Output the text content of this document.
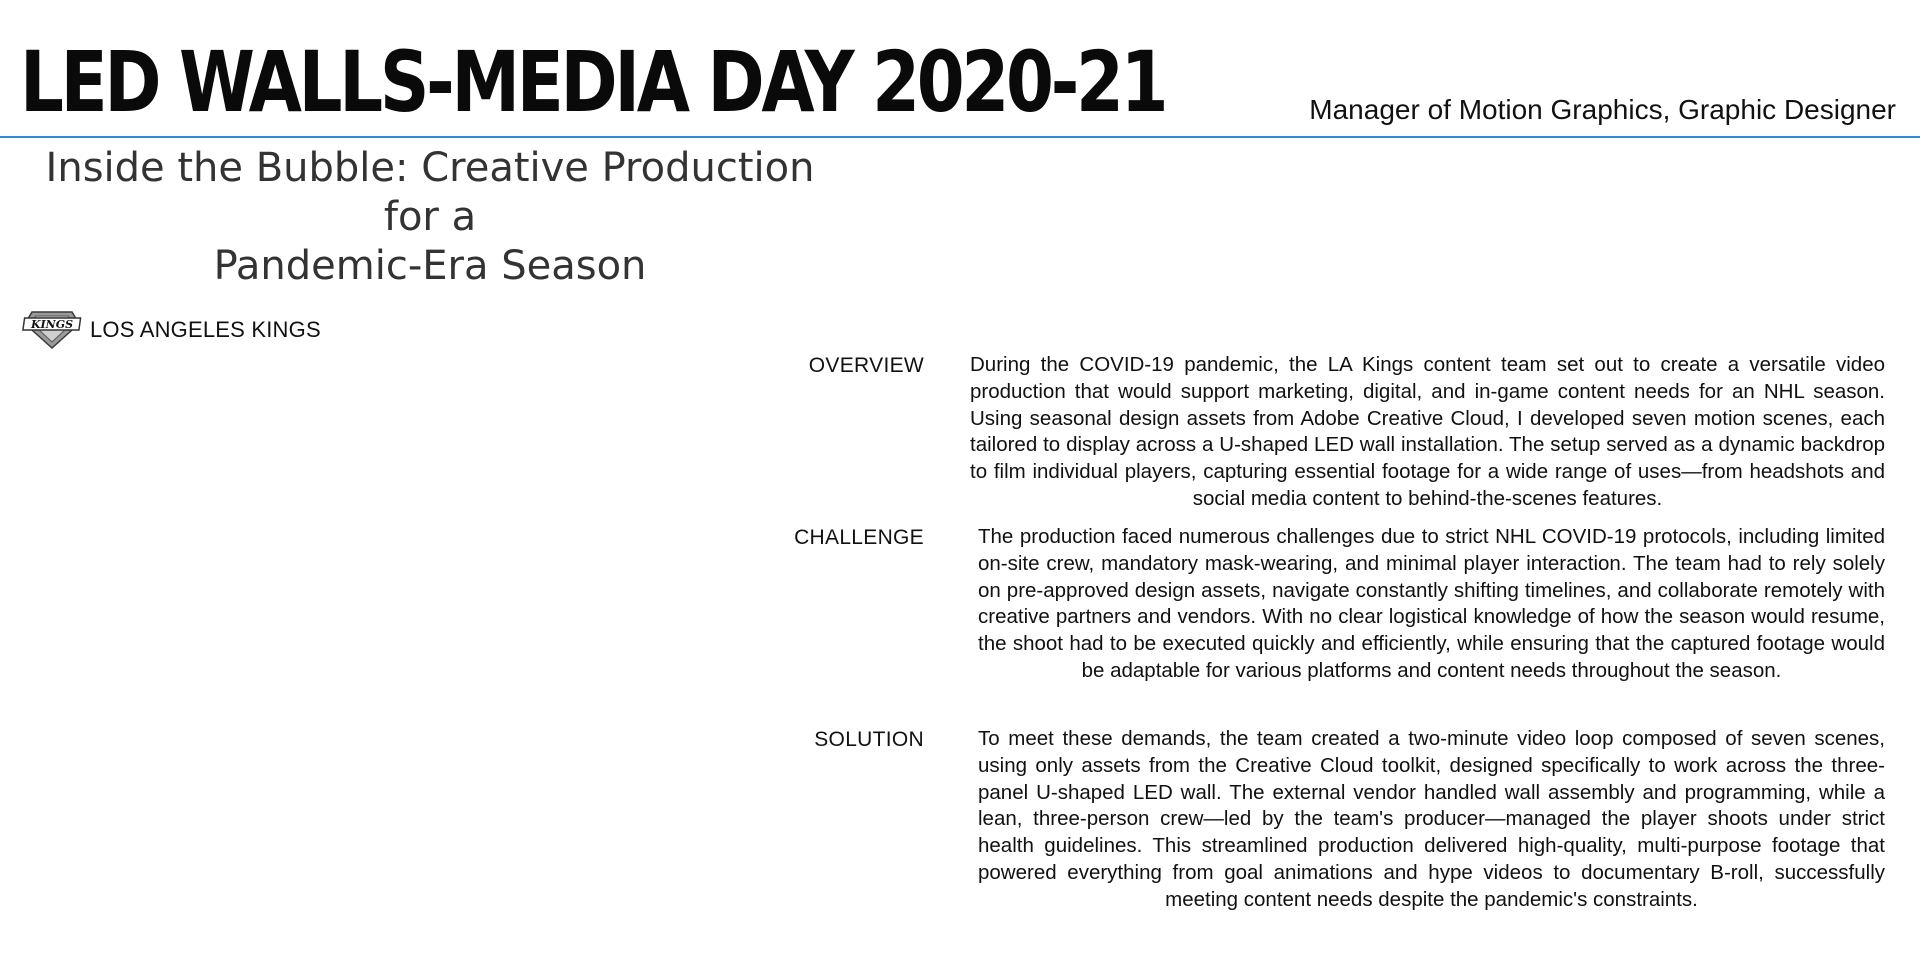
LED WALLS-MEDIA DAY 2020-21	Manager of Motion Graphics, Graphic Designer
Inside the Bubble: Creative Production for a
Pandemic-Era Season
KINGS LOS ANGELES KINGS
OVERVIEW During the COVID-19 pandemic, the LA Kings content team set out to create a versatile video production that would support marketing, digital, and in-game content needs for an NHL season. Using seasonal design assets from Adobe Creative Cloud, I developed seven motion scenes, each tailored to display across a U-shaped LED wall installation. The setup served as a dynamic backdrop to film individual players, capturing essential footage for a wide range of uses—from headshots and social media content to behind-the-scenes features.

CHALLENGE	The production faced numerous challenges due to strict NHL COVID-19 protocols, including limited on-site crew, mandatory mask-wearing, and minimal player interaction. The team had to rely solely on pre-approved design assets, navigate constantly shifting timelines, and collaborate remotely with creative partners and vendors. With no clear logistical knowledge of how the season would resume, the shoot had to be executed quickly and efficiently, while ensuring that the captured footage would be adaptable for various platforms and content needs throughout the season.

SOLUTION	To meet these demands, the team created a two-minute video loop composed of seven scenes, using only assets from the Creative Cloud toolkit, designed specifically to work across the three-panel U-shaped LED wall. The external vendor handled wall assembly and programming, while a lean, three-person crew—led by the team's producer—managed the player shoots under strict health guidelines. This streamlined production delivered high-quality, multi-purpose footage that powered everything from goal animations and hype videos to documentary B-roll, successfully meeting content needs despite the pandemic's constraints.
